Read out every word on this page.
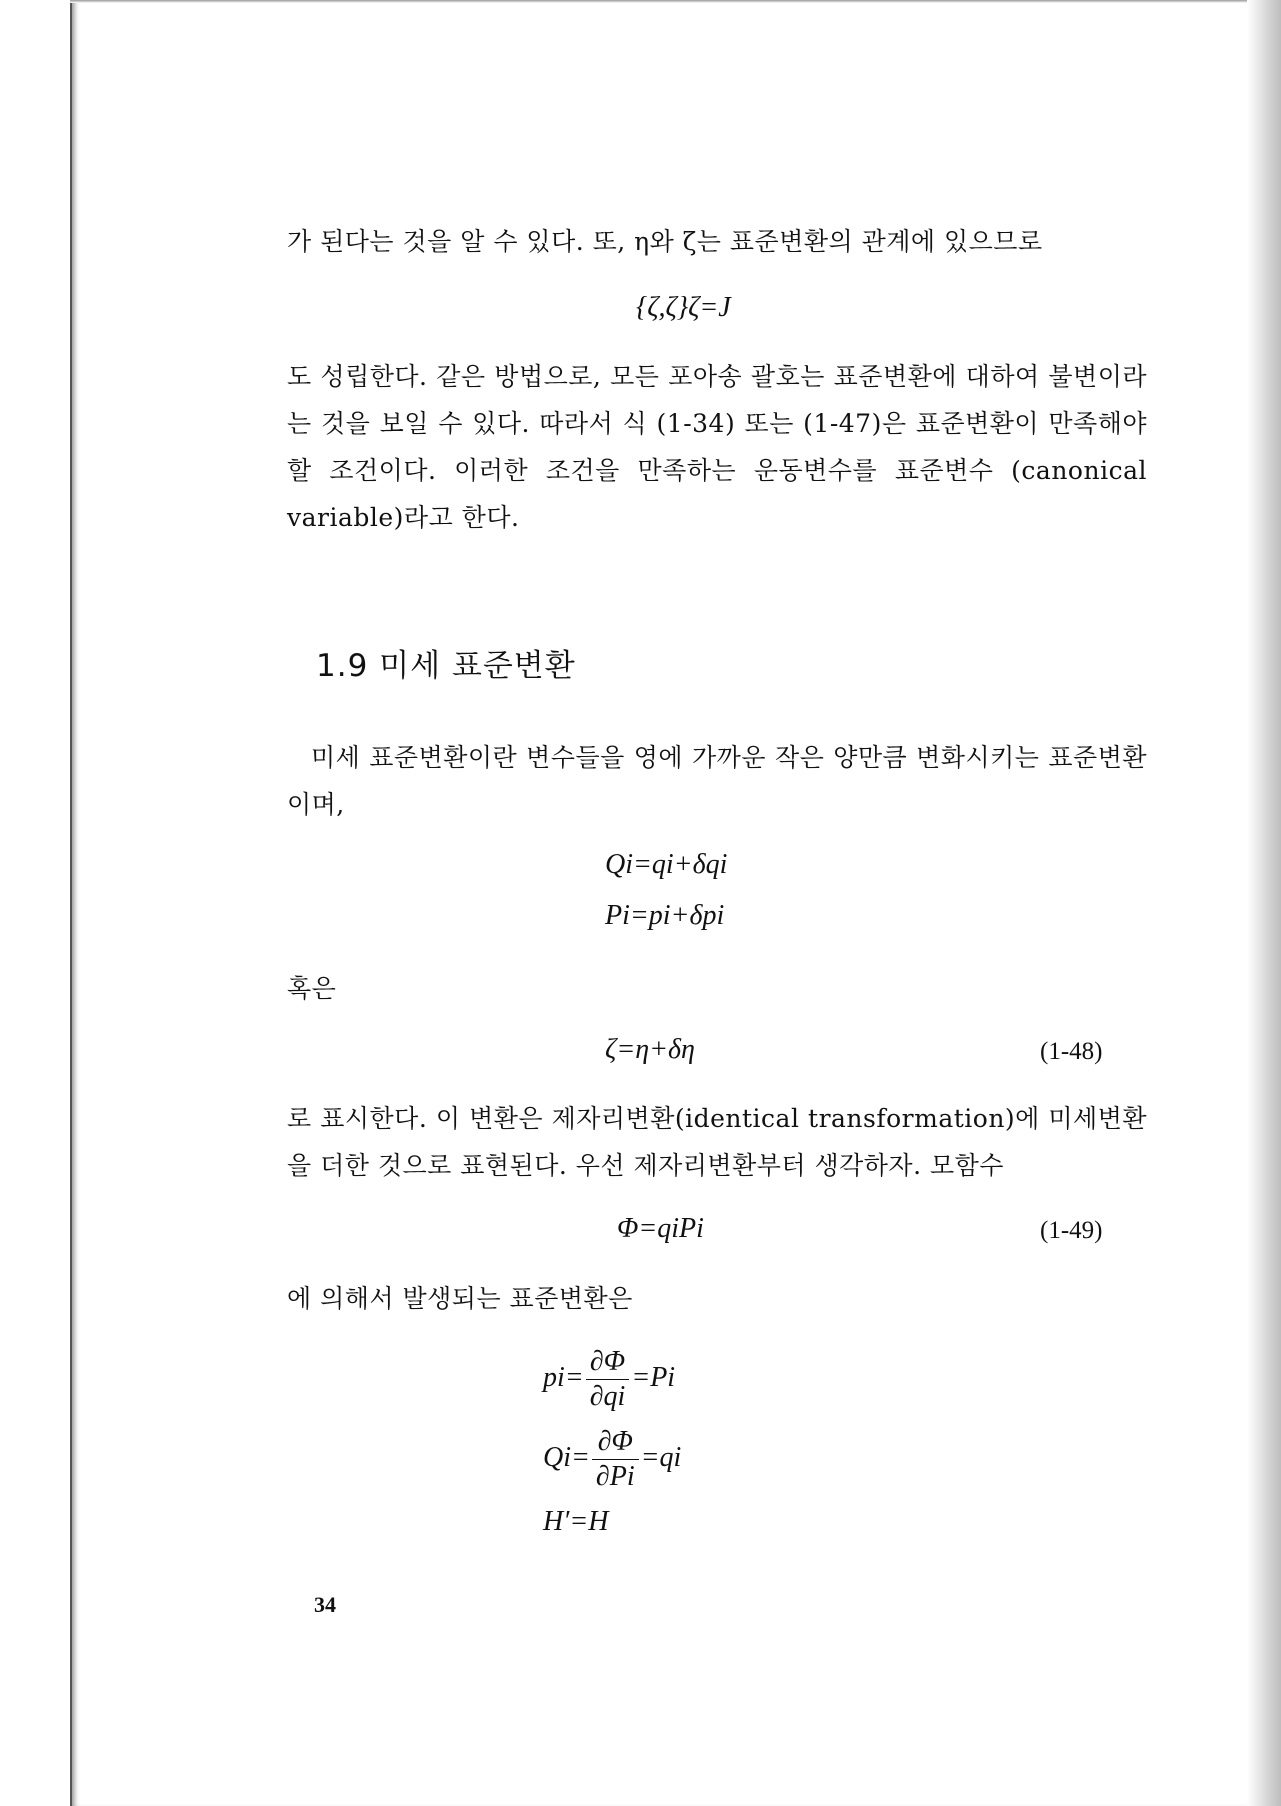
가 된다는 것을 알 수 있다. 또, η와 ζ는 표준변환의 관계에 있으므로
{ζ,ζ}ζ=J
도 성립한다. 같은 방법으로, 모든 포아송 괄호는 표준변환에 대하여 불변이라는 것을 보일 수 있다. 따라서 식 (1-34) 또는 (1-47)은 표준변환이 만족해야 할 조건이다. 이러한 조건을 만족하는 운동변수를 표준변수 (canonical variable)라고 한다.
1.9 미세 표준변환
미세 표준변환이란 변수들을 영에 가까운 작은 양만큼 변화시키는 표준변환이며,
Qi=qi+δqi
Pi=pi+δpi
혹은
ζ=η+δη	(1-48)
로 표시한다. 이 변환은 제자리변환(identical transformation)에 미세변환을 더한 것으로 표현된다. 우선 제자리변환부터 생각하자. 모함수
Φ=qiPi	(1-49)
에 의해서 발생되는 표준변환은
$pi= \frac{\partial\Phi}{\partial qi} =Pi$
$Qi= \frac{\partial\Phi}{\partial Pi} =qi$
H′=H
34
